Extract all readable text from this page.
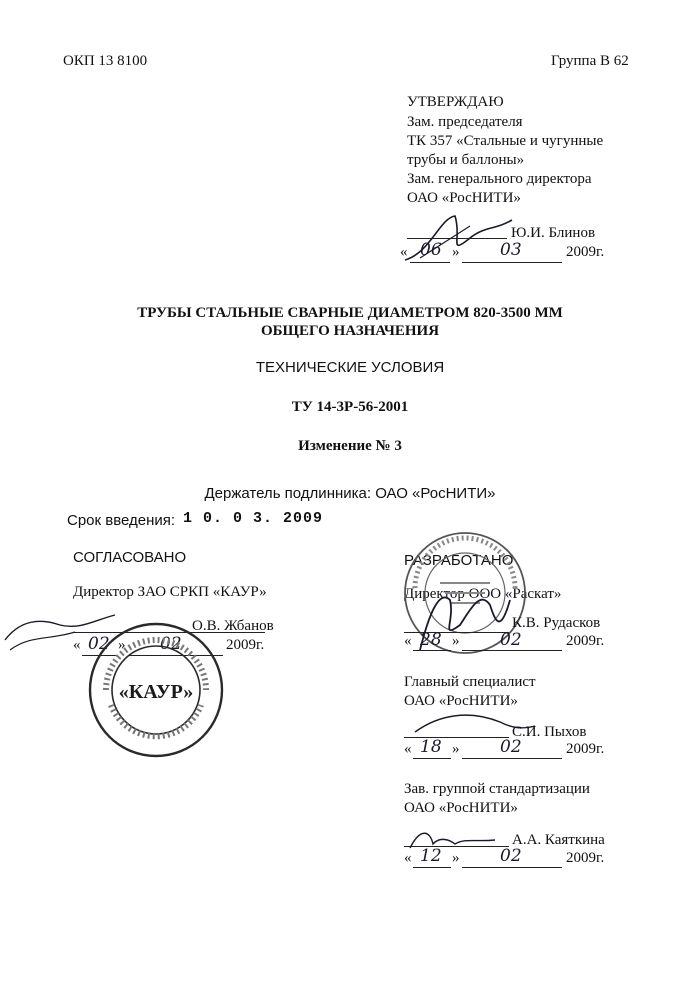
ОКП 13 8100	Группа В 62
УТВЕРЖДАЮ
Зам. председателя
ТК 357 «Стальные и чугунные
трубы и баллоны»
Зам. генерального директора
ОАО «РосНИТИ»
Ю.И. Блинов
« 06 » 03	2009г.
ТРУБЫ СТАЛЬНЫЕ СВАРНЫЕ ДИАМЕТРОМ 820-3500 ММ
ОБЩЕГО НАЗНАЧЕНИЯ
ТЕХНИЧЕСКИЕ УСЛОВИЯ
ТУ 14-3Р-56-2001
Изменение № 3
Держатель подлинника: ОАО «РосНИТИ»
Срок введения: 1 0. 0 3. 2009
СОГЛАСОВАНО
Директор ЗАО СРКП «КАУР»
О.В. Жбанов
« 02 » 02	2009г.
«КАУР»
РАЗРАБОТАНО
Директор ООО «Раскат»
К.В. Рудасков
« 28 » 02	2009г.
Главный специалист
ОАО «РосНИТИ»
С.И. Пыхов
« 18 » 02	2009г.
Зав. группой стандартизации
ОАО «РосНИТИ»
А.А. Каяткина
« 12 » 02	2009г.
